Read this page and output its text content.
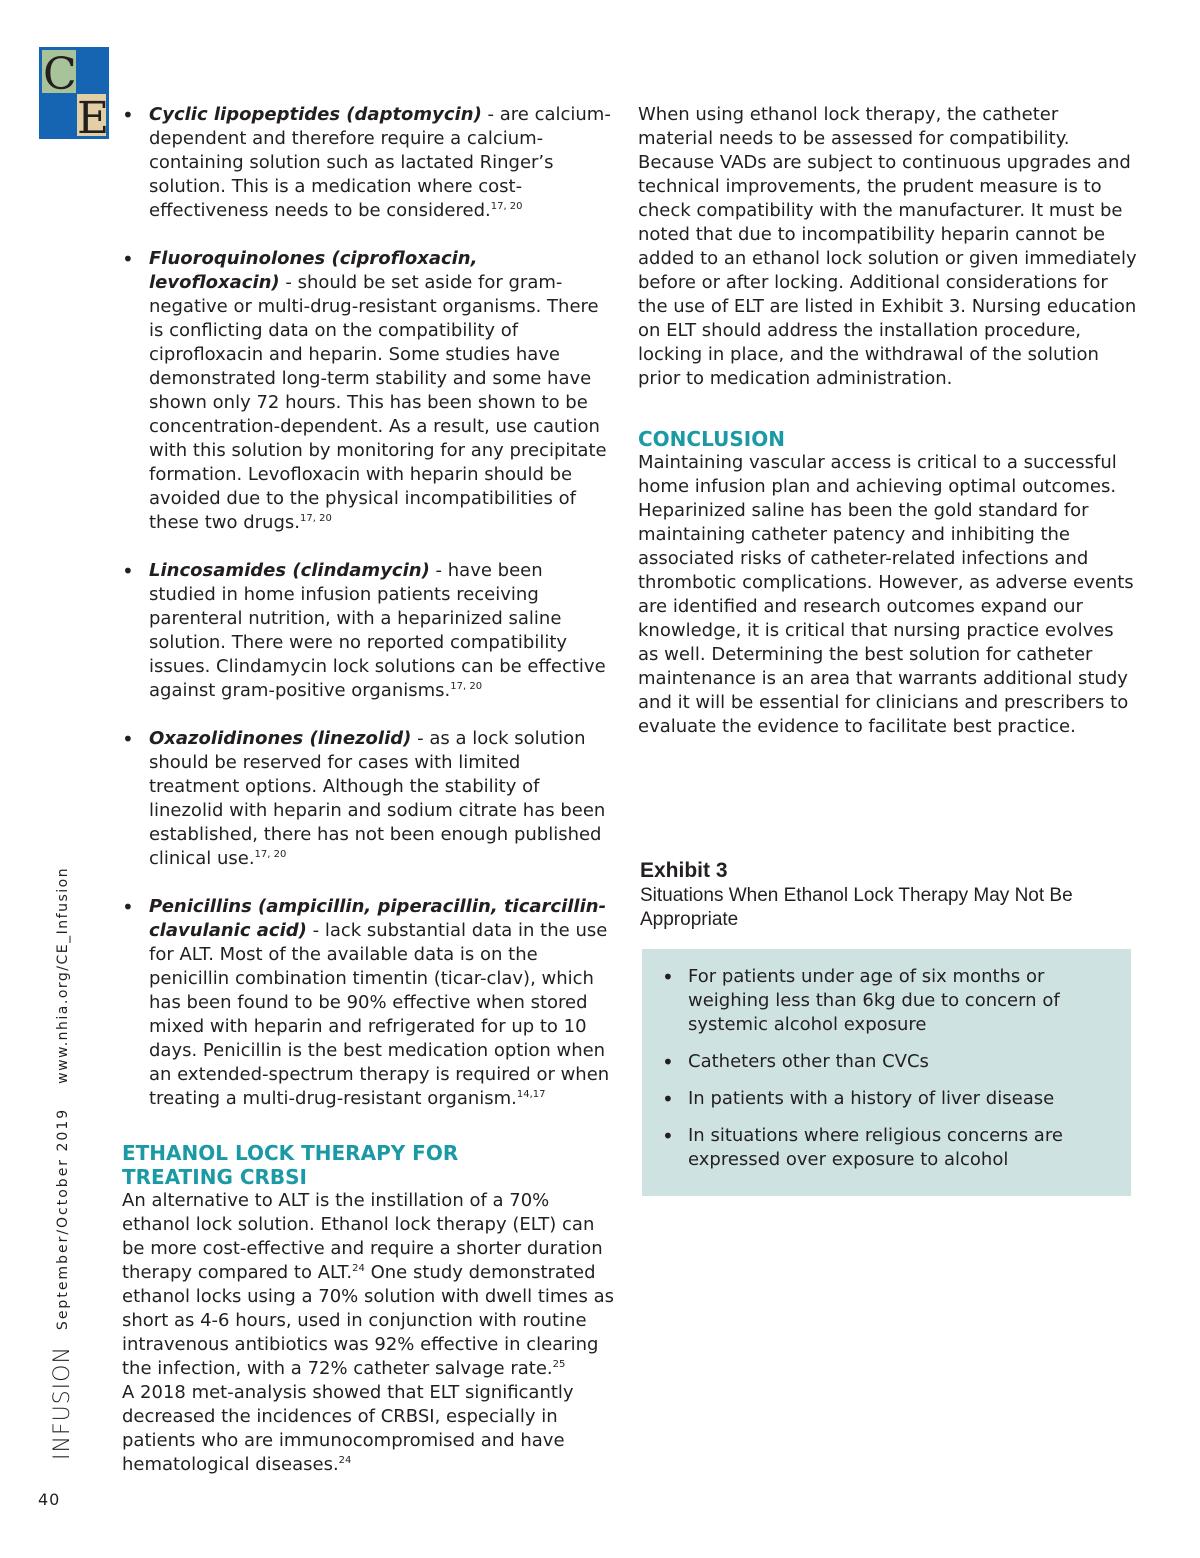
C
E
INFUSION
September/October 2019
www.nhia.org/CE_Infusion
40
• Cyclic lipopeptides (daptomycin) - are calcium-dependent and therefore require a calcium-containing solution such as lactated Ringer’s solution. This is a medication where cost-effectiveness needs to be considered.$^{17, 20}$
• Fluoroquinolones (ciprofloxacin, levofloxacin) - should be set aside for gram-negative or multi-drug-resistant organisms. There is conflicting data on the compatibility of ciprofloxacin and heparin. Some studies have demonstrated long-term stability and some have shown only 72 hours. This has been shown to be concentration-dependent. As a result, use caution with this solution by monitoring for any precipitate formation. Levofloxacin with heparin should be avoided due to the physical incompatibilities of these two drugs.$^{17, 20}$
• Lincosamides (clindamycin) - have been studied in home infusion patients receiving parenteral nutrition, with a heparinized saline solution. There were no reported compatibility issues. Clindamycin lock solutions can be effective against gram-positive organisms.$^{17, 20}$
• Oxazolidinones (linezolid) - as a lock solution should be reserved for cases with limited treatment options. Although the stability of linezolid with heparin and sodium citrate has been established, there has not been enough published clinical use.$^{17, 20}$
• Penicillins (ampicillin, piperacillin, ticarcillin-clavulanic acid) - lack substantial data in the use for ALT. Most of the available data is on the penicillin combination timentin (ticar-clav), which has been found to be 90% effective when stored mixed with heparin and refrigerated for up to 10 days. Penicillin is the best medication option when an extended-spectrum therapy is required or when treating a multi-drug-resistant organism.$^{14,17}$
ETHANOL LOCK THERAPY FOR TREATING CRBSI

An alternative to ALT is the instillation of a 70% ethanol lock solution. Ethanol lock therapy (ELT) can be more cost-effective and require a shorter duration therapy compared to ALT.$^{24}$ One study demonstrated ethanol locks using a 70% solution with dwell times as short as 4-6 hours, used in conjunction with routine intravenous antibiotics was 92% effective in clearing the infection, with a 72% catheter salvage rate.$^{25}$

A 2018 met-analysis showed that ELT significantly decreased the incidences of CRBSI, especially in patients who are immunocompromised and have hematological diseases.$^{24}$

When using ethanol lock therapy, the catheter material needs to be assessed for compatibility. Because VADs are subject to continuous upgrades and technical improvements, the prudent measure is to check compatibility with the manufacturer. It must be noted that due to incompatibility heparin cannot be added to an ethanol lock solution or given immediately before or after locking. Additional considerations for the use of ELT are listed in Exhibit 3. Nursing education on ELT should address the installation procedure, locking in place, and the withdrawal of the solution prior to medication administration.

CONCLUSION

Maintaining vascular access is critical to a successful home infusion plan and achieving optimal outcomes. Heparinized saline has been the gold standard for maintaining catheter patency and inhibiting the associated risks of catheter-related infections and thrombotic complications. However, as adverse events are identified and research outcomes expand our knowledge, it is critical that nursing practice evolves as well. Determining the best solution for catheter maintenance is an area that warrants additional study and it will be essential for clinicians and prescribers to evaluate the evidence to facilitate best practice.

Exhibit 3

Situations When Ethanol Lock Therapy May Not Be Appropriate

• For patients under age of six months or weighing less than 6kg due to concern of systemic alcohol exposure
• Catheters other than CVCs
• In patients with a history of liver disease
• In situations where religious concerns are expressed over exposure to alcohol
